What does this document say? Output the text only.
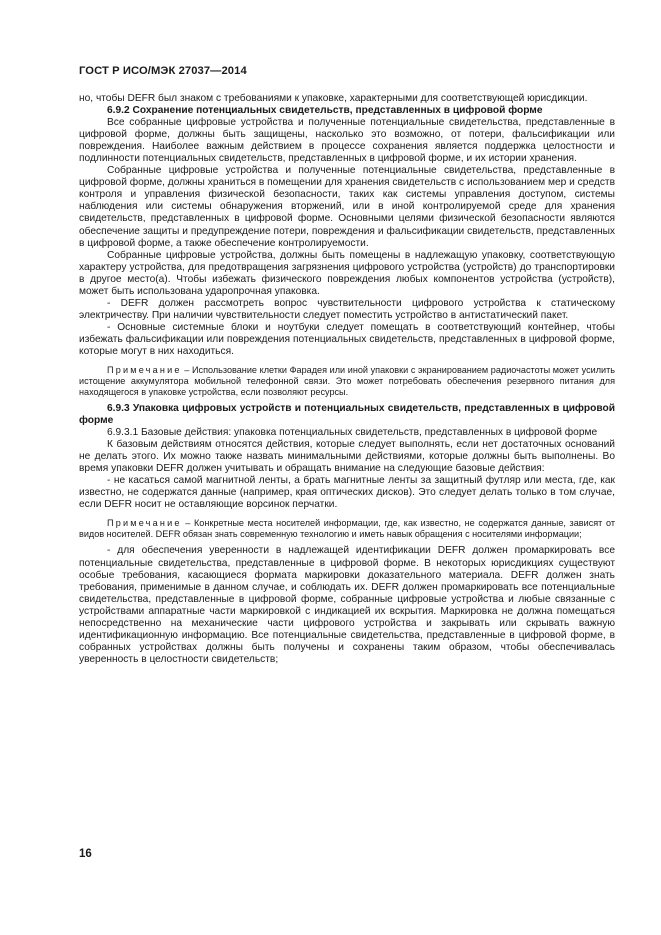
ГОСТ Р ИСО/МЭК 27037—2014

но, чтобы DEFR был знаком с требованиями к упаковке, характерными для соответствующей юрисдикции.

6.9.2 Сохранение потенциальных свидетельств, представленных в цифровой форме

Все собранные цифровые устройства и полученные потенциальные свидетельства, представленные в цифровой форме, должны быть защищены, насколько это возможно, от потери, фальсификации или повреждения. Наиболее важным действием в процессе сохранения является поддержка целостности и подлинности потенциальных свидетельств, представленных в цифровой форме, и их истории хранения.

Собранные цифровые устройства и полученные потенциальные свидетельства, представленные в цифровой форме, должны храниться в помещении для хранения свидетельств с использованием мер и средств контроля и управления физической безопасности, таких как системы управления доступом, системы наблюдения или системы обнаружения вторжений, или в иной контролируемой среде для хранения свидетельств, представленных в цифровой форме. Основными целями физической безопасности являются обеспечение защиты и предупреждение потери, повреждения и фальсификации свидетельств, представленных в цифровой форме, а также обеспечение контролируемости.

Собранные цифровые устройства, должны быть помещены в надлежащую упаковку, соответствующую характеру устройства, для предотвращения загрязнения цифрового устройства (устройств) до транспортировки в другое место(а). Чтобы избежать физического повреждения любых компонентов устройства (устройств), может быть использована ударопрочная упаковка.

- DEFR должен рассмотреть вопрос чувствительности цифрового устройства к статическому электричеству. При наличии чувствительности следует поместить устройство в антистатический пакет.

- Основные системные блоки и ноутбуки следует помещать в соответствующий контейнер, чтобы избежать фальсификации или повреждения потенциальных свидетельств, представленных в цифровой форме, которые могут в них находиться.

Примечание – Использование клетки Фарадея или иной упаковки с экранированием радиочастоты может усилить истощение аккумулятора мобильной телефонной связи. Это может потребовать обеспечения резервного питания для находящегося в упаковке устройства, если позволяют ресурсы.

6.9.3 Упаковка цифровых устройств и потенциальных свидетельств, представленных в цифровой форме

6.9.3.1 Базовые действия: упаковка потенциальных свидетельств, представленных в цифровой форме

К базовым действиям относятся действия, которые следует выполнять, если нет достаточных оснований не делать этого. Их можно также назвать минимальными действиями, которые должны быть выполнены. Во время упаковки DEFR должен учитывать и обращать внимание на следующие базовые действия:

- не касаться самой магнитной ленты, а брать магнитные ленты за защитный футляр или места, где, как известно, не содержатся данные (например, края оптических дисков). Это следует делать только в том случае, если DEFR носит не оставляющие ворсинок перчатки.

Примечание – Конкретные места носителей информации, где, как известно, не содержатся данные, зависят от видов носителей. DEFR обязан знать современную технологию и иметь навык обращения с носителями информации;

- для обеспечения уверенности в надлежащей идентификации DEFR должен промаркировать все потенциальные свидетельства, представленные в цифровой форме. В некоторых юрисдикциях существуют особые требования, касающиеся формата маркировки доказательного материала. DEFR должен знать требования, применимые в данном случае, и соблюдать их. DEFR должен промаркировать все потенциальные свидетельства, представленные в цифровой форме, собранные цифровые устройства и любые связанные с устройствами аппаратные части маркировкой с индикацией их вскрытия. Маркировка не должна помещаться непосредственно на механические части цифрового устройства и закрывать или скрывать важную идентификационную информацию. Все потенциальные свидетельства, представленные в цифровой форме, в собранных устройствах должны быть получены и сохранены таким образом, чтобы обеспечивалась уверенность в целостности свидетельств;

16
